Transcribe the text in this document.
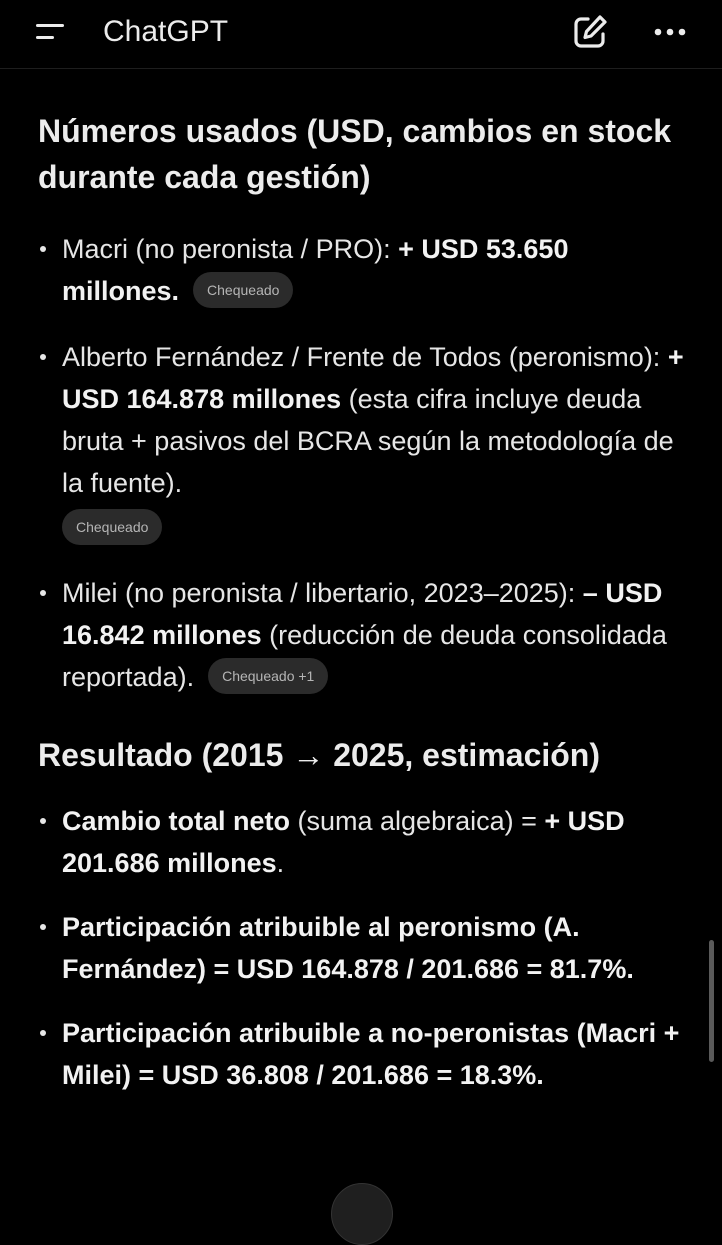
ChatGPT
Números usados (USD, cambios en stock durante cada gestión)
Macri (no peronista / PRO): + USD 53.650 millones. Chequeado
Alberto Fernández / Frente de Todos (peronismo): + USD 164.878 millones (esta cifra incluye deuda bruta + pasivos del BCRA según la metodología de la fuente).
Chequeado
Milei (no peronista / libertario, 2023–2025): – USD 16.842 millones (reducción de deuda consolidada reportada). Chequeado +1
Resultado (2015 → 2025, estimación)
Cambio total neto (suma algebraica) = + USD 201.686 millones.
Participación atribuible al peronismo (A. Fernández) = USD 164.878 / 201.686 = 81.7%.
Participación atribuible a no-peronistas (Macri + Milei) = USD 36.808 / 201.686 = 18.3%.
